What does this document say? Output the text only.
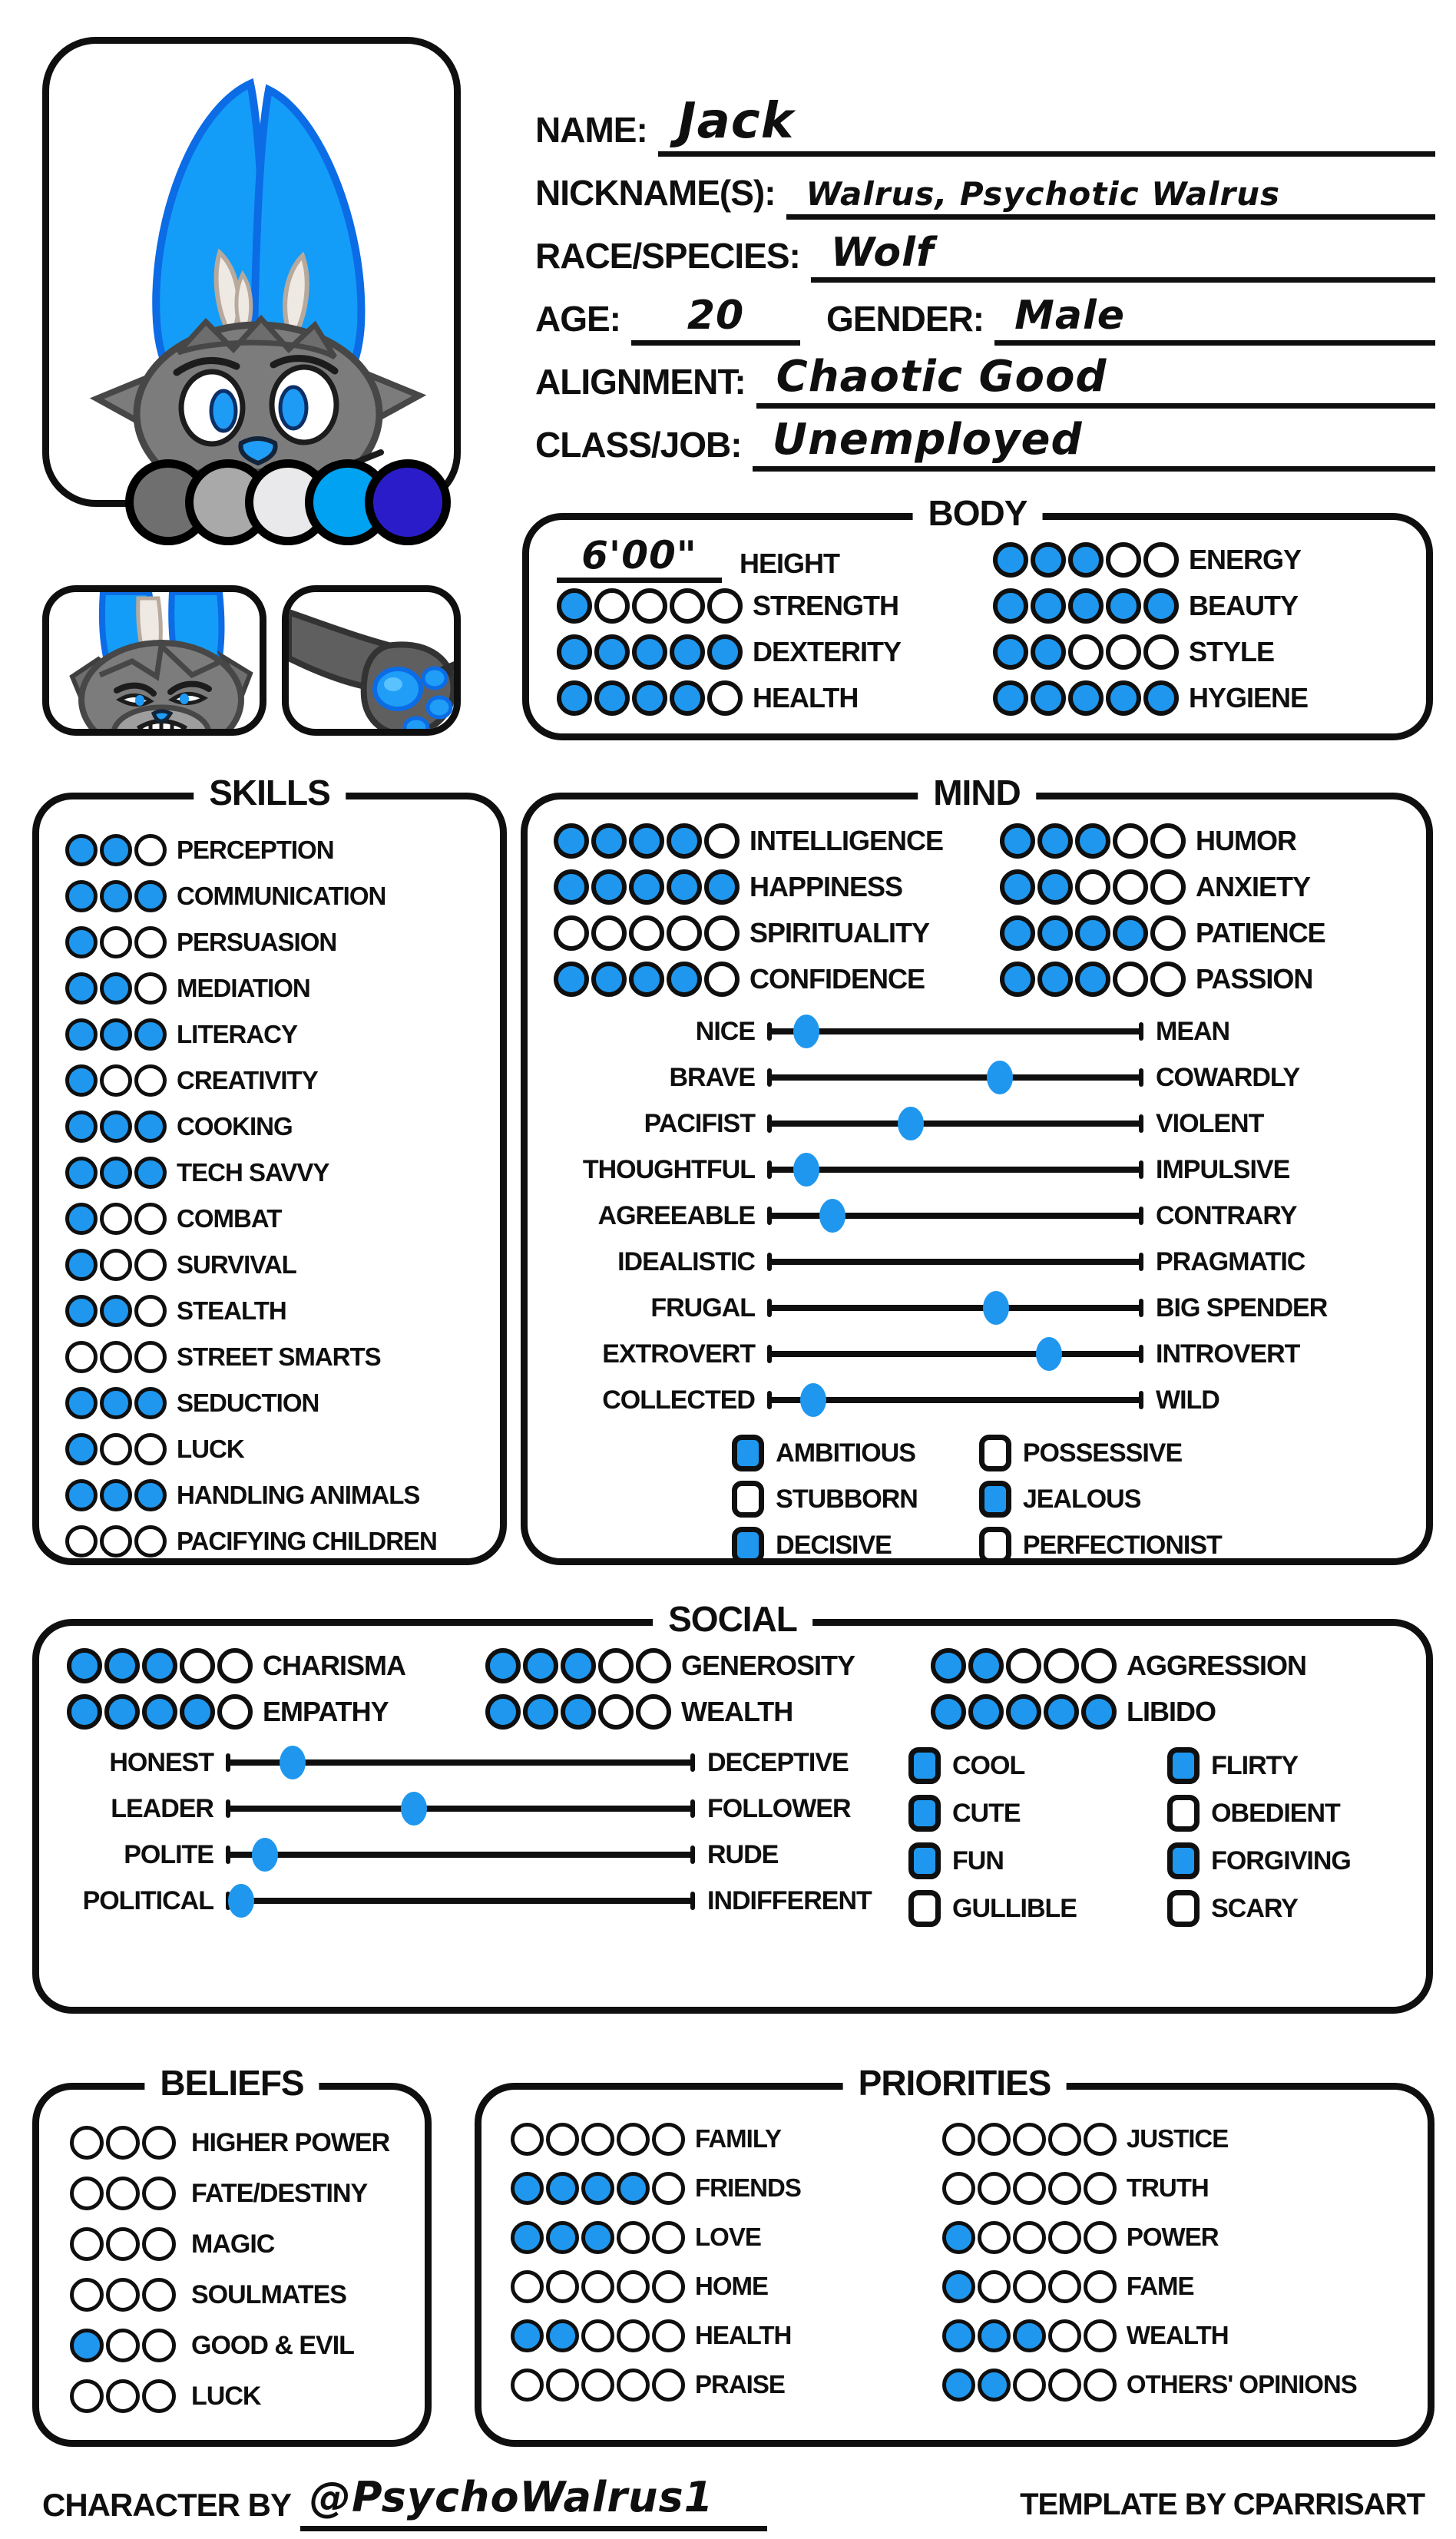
NAME: Jack
NICKNAME(S): Walrus, Psychotic Walrus
RACE/SPECIES: Wolf
AGE:	20	GENDER: Male
ALIGNMENT: Chaotic Good
CLASS/JOB: Unemployed
BODY
6'00"	HEIGHT
STRENGTH
DEXTERITY
HEALTH
ENERGY
BEAUTY
STYLE
HYGIENE
SKILLS
PERCEPTION
COMMUNICATION
PERSUASION
MEDIATION
LITERACY
CREATIVITY
COOKING
TECH SAVVY
COMBAT
SURVIVAL
STEALTH
STREET SMARTS
SEDUCTION
LUCK
HANDLING ANIMALS
PACIFYING CHILDREN
MIND
INTELLIGENCE
HAPPINESS
SPIRITUALITY
CONFIDENCE
HUMOR
ANXIETY
PATIENCE
PASSION
NICE	MEAN
BRAVE	COWARDLY
PACIFIST	VIOLENT
THOUGHTFUL	IMPULSIVE
AGREEABLE	CONTRARY
IDEALISTIC	PRAGMATIC
FRUGAL	BIG SPENDER
EXTROVERT	INTROVERT
COLLECTED	WILD
AMBITIOUS	POSSESSIVE
STUBBORN	JEALOUS
DECISIVE	PERFECTIONIST
SOCIAL
CHARISMA
EMPATHY
GENEROSITY
WEALTH
AGGRESSION
LIBIDO
HONEST	DECEPTIVE
LEADER	FOLLOWER
POLITE	RUDE
POLITICAL	INDIFFERENT
COOL	FLIRTY
CUTE	OBEDIENT
FUN	FORGIVING
GULLIBLE	SCARY
BELIEFS
HIGHER POWER
FATE/DESTINY
MAGIC
SOULMATES
GOOD & EVIL
LUCK
PRIORITIES
FAMILY
FRIENDS
LOVE
HOME
HEALTH
PRAISE
JUSTICE
TRUTH
POWER
FAME
WEALTH
OTHERS' OPINIONS
CHARACTER BY @PsychoWalrus1	TEMPLATE BY CPARRISART
